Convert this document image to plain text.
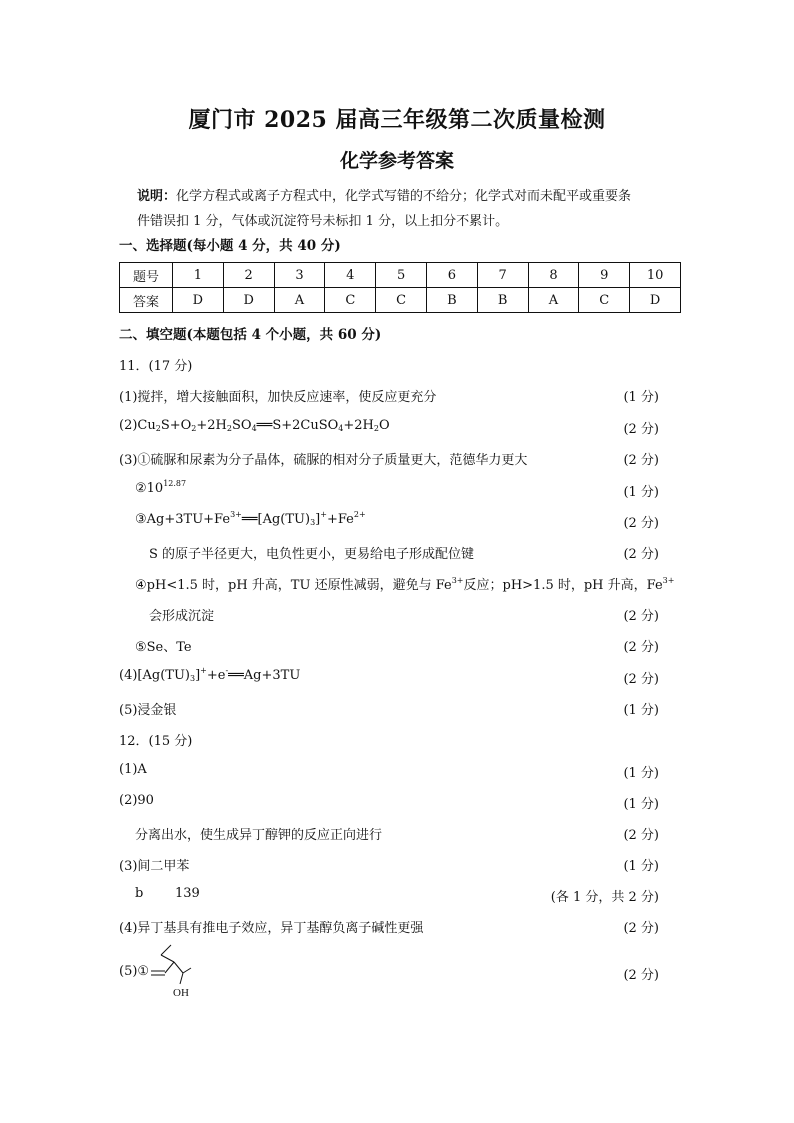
厦门市 2025 届高三年级第二次质量检测
化学参考答案
说明：化学方程式或离子方程式中，化学式写错的不给分；化学式对而未配平或重要条
件错误扣 1 分，气体或沉淀符号未标扣 1 分，以上扣分不累计。
一、选择题(每小题 4 分，共 40 分)
题号	1	2	3	4	5	6	7	8	9	10
答案	D	D	A	C	C	B	B	A	C	D
二、填空题(本题包括 4 个小题，共 60 分)
11．(17 分)
(1)搅拌，增大接触面积，加快反应速率，使反应更充分	(1 分)
$(2)Cu_2S+O_2+2H_2SO_4══S+2CuSO_4+2H_2O$	(2 分)
(3)①硫脲和尿素为分子晶体，硫脲的相对分子质量更大，范德华力更大	(2 分)
$②10^{12.87}$
(1 分)
$③Ag+3TU+Fe^{3+}══[Ag(TU)_3]^++Fe^{2+}$
(2 分)
S 的原子半径更大，电负性更小，更易给电子形成配位键	(2 分)
④pH<1.5 时，pH 升高，TU 还原性减弱，避免与 $Fe^{3+}$反应；pH>1.5 时，pH 升高，$Fe^{3+}$
会形成沉淀	(2 分)
⑤Se、Te	(2 分)
$(4)[Ag(TU)_3]^++e^-══Ag+3TU$	(2 分)
(5)浸金银	(1 分)
12．(15 分)
(1)A	(1 分)
(2)90	(1 分)
分离出水，使生成异丁醇钾的反应正向进行	(2 分)
(3)间二甲苯	(1 分)
b 139	(各 1 分，共 2 分)
(4)异丁基具有推电子效应，异丁基醇负离子碱性更强	(2 分)
(5)①	(2 分)
OH
